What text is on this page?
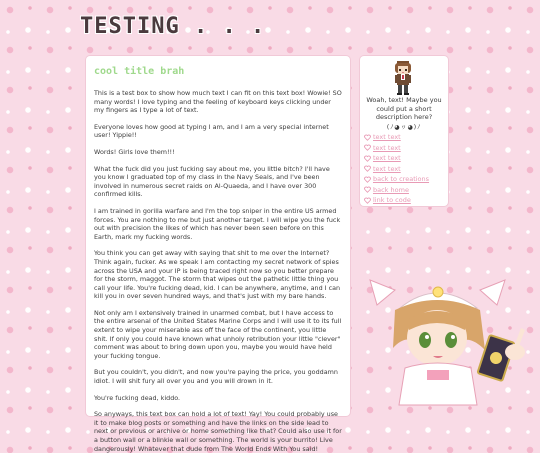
TESTING . . .
cool title brah

This is a test box to show how much text I can fit on this text box! Wowie! SO many words! I love typing and the feeling of keyboard keys clicking under my fingers as I type a lot of text.

Everyone loves how good at typing I am, and I am a very special internet user! Yippie!!

Words! Girls love them!!!

What the fuck did you just fucking say about me, you little bitch? I'll have you know I graduated top of my class in the Navy Seals, and I've been involved in numerous secret raids on Al-Quaeda, and I have over 300 confirmed kills.

I am trained in gorilla warfare and I'm the top sniper in the entire US armed forces. You are nothing to me but just another target. I will wipe you the fuck out with precision the likes of which has never been seen before on this Earth, mark my fucking words.

You think you can get away with saying that shit to me over the Internet? Think again, fucker. As we speak I am contacting my secret network of spies across the USA and your IP is being traced right now so you better prepare for the storm, maggot. The storm that wipes out the pathetic little thing you call your life. You're fucking dead, kid. I can be anywhere, anytime, and I can kill you in over seven hundred ways, and that's just with my bare hands.

Not only am I extensively trained in unarmed combat, but I have access to the entire arsenal of the United States Marine Corps and I will use it to its full extent to wipe your miserable ass off the face of the continent, you little shit. If only you could have known what unholy retribution your little "clever" comment was about to bring down upon you, maybe you would have held your fucking tongue.

But you couldn't, you didn't, and now you're paying the price, you goddamn idiot. I will shit fury all over you and you will drown in it.

You're fucking dead, kiddo.

So anyways, this text box can hold a lot of text! Yay! You could probably use it to make blog posts or something and have the links on the side lead to next or previous or archive or home something like that? Could also use it for a button wall or a blinkie wall or something. The world is your burrito! Live dangerously! Whatever that dude from The World Ends With You said!

Woah, text! Maybe you could put a short description here?

(ﾉ◕ヮ◕)ﾉ
text text
text text
text text
text text
back to creations
back home
link to code
